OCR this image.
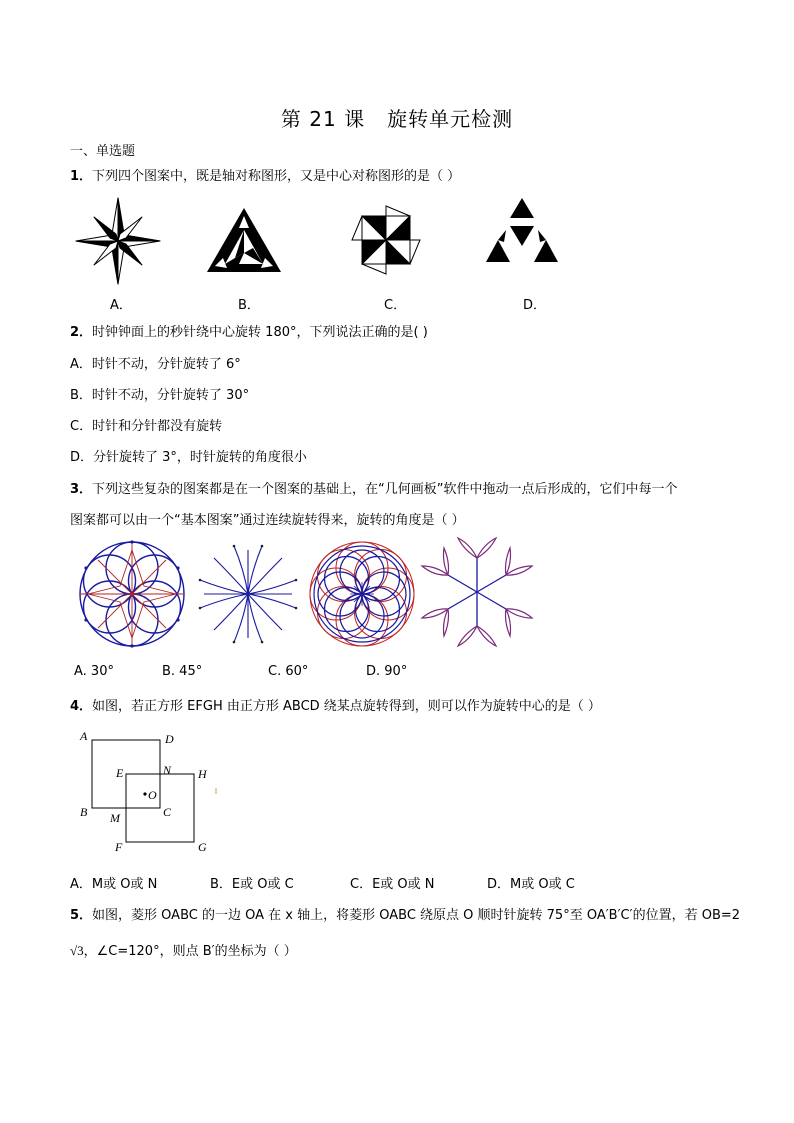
第 21 课 旋转单元检测
一、单选题
1．下列四个图案中，既是轴对称图形，又是中心对称图形的是（ ）
A．	B．	C．	D．
2．时钟钟面上的秒针绕中心旋转 180°，下列说法正确的是( )
A．时针不动，分针旋转了 6°
B．时针不动，分针旋转了 30°
C．时针和分针都没有旋转
D．分针旋转了 3°，时针旋转的角度很小
3．下列这些复杂的图案都是在一个图案的基础上，在“几何画板”软件中拖动一点后形成的，它们中每一个
图案都可以由一个“基本图案”通过连续旋转得来，旋转的角度是（ ）
A. 30°	B. 45°	C. 60°	D. 90°
4．如图，若正方形 EFGH 由正方形 ABCD 绕某点旋转得到，则可以作为旋转中心的是（ ）
A	D
E	N H
O
B	C
M
F	G
A．M或 O或 N	B．E或 O或 C	C．E或 O或 N	D．M或 O或 C
5．如图，菱形 OABC 的一边 OA 在 x 轴上，将菱形 OABC 绕原点 O 顺时针旋转 75°至 OA′B′C′的位置，若 OB=2
√3，∠C=120°，则点 B′的坐标为（ ）
